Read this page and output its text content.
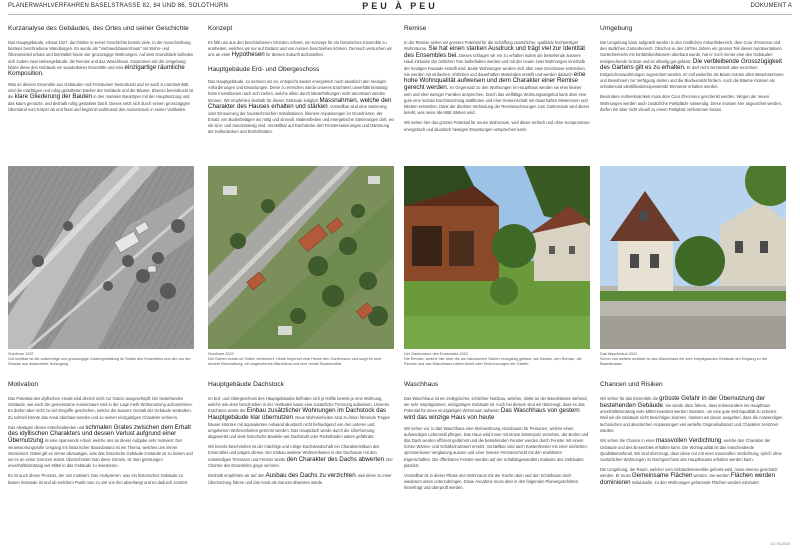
PLANERWAHLVERFAHREN BASELSTRASSE 82, 84 UND 86, SOLOTHURN	PEU À PEU	DOKUMENT A
Kurzanalyse des Gebäudes, des Ortes und seiner Geschichte

Das Hauptgebäude, erbaut 1627, durchlebte in seiner Geschichte bereits viele, in der Ausschreibung bestens beschriebene Wandlungen. Es wurde als "Vielzweckbauernhaus" mit Wohn- und Ökonomieteil erbaut und beinhaltet heute vier grosszügige Wohnungen. Auf dem Grundstück befinden sich zudem zwei Nebengebäude: die Remise und das Waschhaus. Zusammen mit der Umgebung bilden diese drei Gebäude ein wunderbares Ensemble und eine einzigartige räumliche Komposition.

Was an diesem Ensemble aus Gebäuden und Freiräumen beeindruckt und es auch zu-sammenhält, sind die mächtigen und ruhig gestalteten Dächer der Gebäude und die Bäume. Ebenso beeindruckt ist die klare Gliederung der Bauten in den murialen Baukörper mit der Hauptnutzung und das kaum genutzte, und deshalb ruhig gestaltete Dach. Dieses setzt sich durch seinen grosszügigen Überstand vom Körper ab und fasst und begrenzt wohltuend den Aussenraum in seiner Vertikalen.

Konzept

Es fällt uns aus den beschriebenen Gründen schwer, ein Konzept für ein historisches Ensemble zu erarbeiten, welches wir nur auf Distanz und von Aussen beschrieben können. Dennoch versuchen wir uns an einer Hypothesen für dessen Zukunft aufzustellen.

Hauptgebäude Erd- und Obergeschoss

Das Hauptgebäude, so nehmen wir an, entspricht wieder energetisch noch akustisch den heutigen Anforderungen und Erwartungen. Diese zu erreichen würde unseres Erachtens unverhältnismässig hohe Investitionen nach sich ziehen, welche allein durch Mieterhöhungen nicht amortisiert werden können. Wir empfehlen deshalb für dieses Gebäude lediglich Massnahmen, welche den Charakter des Hauses erhalten und stärken. Vorstellbar sind eine Sanierung oder Erneuerung der haustechnischen Installationen, kleinere Anpassungen im Grundrissen, der Ersatz von Bodenbelägen wo nötig und sinnvoll, Malerarbeiten und energetische Sanierungen dort, wo sie sinn- und zweckmässig sind. Vorstellbar auf Dachdecke dert Fenstersanierungen und Dämmung der Kellerdecken und Estrichböden.

Remise

In der Remise sehen wir grosses Potential für die Schaffung zusätzlicher, qualitativ hochwertiger Wohnräume. Sie hat einen starken Ausdruck und trägt viel zur Identität des Ensembles bei. Dieses schlagen wir vor zu erhalten indem die bestehende äussere Hauli inklusive der östlichen Tore beibehalten werden und mit der neuen zwei Wohnungen innerhalb der heutigen Fassade erstellt wird. Beide Wohnungen werden sich über zwei Geschosse erstrecken. Sie werden mit einfachen, ehrlichen und dauerhaften Materialien erstellt und werden dadurch eine hohe Wohnqualität aufweisen und dem Charakter einer Remise gerecht werden. Im Gegensatz zu den Wohnungen im Haupthaus werden sie eher kleiner sein und eher weniger Familien ansprechen. Durch das vielfältige Wohnungsangebot kann aber eine gute eine soziale Durchmischung stattfinden und eine Gemeinschaft mit dauerhaften Mieterinnen und Mietern entstehen. Dank der direkten Verbindung der Remisewohnungen zum Gartenraum wird dieser belebt, was seine Identität stärken wird.

Wir sehen hier das grösste Potential für neuen Wohnraum, weil dieser einfach und ohne Kompromisse energetisch und akustisch heutigen Erwartungen entsprechen kann.

Umgebung

Die Umgebung kann aufgeteilt werden in den nördlichen Ankunftsbereich, dem Cour d'Honneur und den südlichen Gartenbereich. Obschon in den 1970er Jahren ein grosser Teil dieses repräsentativen Gartenbereichs mit Einfamilienhäusern überbaut wurde, hat er noch immer eine den Gebäuden entsprechende Grösse und ist allseitig gut gefasst. Die verbleibende Grosszügigkeit des Gartens gilt es zu erhalten. Er darf nicht zerstückelt oder einzelnen Erdgeschosswohnungen zugeordnet werden. Er soll weiterhin als Baum-Garten allen Bewohnerinnen und Bewohnern zur Verfügung stehen und die Biodiversität fördern. Auch die Bäume müssen als schattenund identifikationsspendende Elemente erhalten werden.

Besondere Aufmerksamkeit muss dem Cour d'Honneur geschenkt werden. Wegen der neuen Wohnungen werden auch zusätzliche Parkplätze notwendig. Diese müssen hier angeordnet werden, dürfen ihn aber nicht visuell zu einem Parkplatz verkommen lassen.

Solothurn 1937
Gut sichtbar ist die aufwendige und grosszügige Gartengestaltung im Süden des Ensembles und der von der Strasse aus distanzierte Hofzugang.
Solothurn 2022
Der Garten wurde im Süden verkleinert. Heute begrenzt eine Hecke den Gartenraum und sorgt für eine sichere Beschattung; ein angenehmes Mikroklima und eine rechte Biodiversität.
Der Gartenraum des Ensembles 2022
Die Remise, welche hier über die als historischen Garten einzigartig gefasst, wie Bauten, den Remise, die Remise und das Waschhaus hatten Anteil oder Einkreuzungen der Gärten.
Das Waschhaus 2024
Schon von weitem sichtbar ist das Waschhaus ein sehr einprägsames Gebäude am Eingang zu der Baselstrasse.
Motivation

Das Potential des idyllischen Areals wird derzeit nicht zur Ganze ausgeschöpft. Die bestehenden Gebäude, wie auch der gemeinsame Aussenraum sind in der Lage mehr Wohnnutzung aufzunehmen. Es dürfen aber nicht zu viel Eingriffe geschehen, welche die äussere Gestalt der Gebäude verändern. Zu schnell könnte das Areal überbaut werden und so seinen einzigartigen Charakter verlieren.

Das Abwägen dieses entscheidenden und schmalen Grates zwischen dem Erhalt des idyllischen Charakters und dessen Verlust aufgrund einer Übernutzung ist eine spannende Arbeit, welche uns an dieser Aufgabe sehr motiviert. Der verantwortungsvolle Umgang mit historischer Bausubstanz ist ein Thema, welches uns immer interessiert. Dabei gilt es immer abzuwägen, was das historische Gebäude imstande ist zu leisten und wo es an seine Grenzen stösst. Überschreitet man diese Grenze, ist man gezwungen unverhältnismässig viel Mittel in das Gebäude zu investieren.

Es ist auch dieser Prozess, der uns motiviert. Das Analysieren, was ein historisches Gebäude zu leisten imstande ist und ab welchem Punkt man zu viel von ihm abverlangt und es dadurch zerstört.

Hauptgebäude Dachstock

Im Erd- und Obergeschoss des Hauptgebäudes befinden sich je Hälfte bereits je eine Wohnung, welche wie oben beschrieben in der Vertikalen kaum eine zusätzliche Trennung aufweisen. Unseres Erachtens würde der Einbau zusätzlicher Wohnungen im Dachstock das Hauptgebäude klar übernutzen. Neue Wohneinheiten sind zu ihnen führende Treppe häuser könnten mit äquivalenten Aufwand akustisch nicht befriedigend von den unteren und umgebenen Wohneinheiten getrennt werden. Das Hauptdach würde durch die Überformung abgewertet und viele historische Bauteile wie Dachstuhl oder Parketböden wären gefährdet.

Wir bereits beschrieben ist der mächtige und ruhige Dachstandschaft ein Charakteristikum des Ensembles und prägen dieses. Der Einbau weiterer Wohneinheiten in den Dachraum mit den notwendigen Terrassen und Fenster würde den Charakter des Dachs abwerten. Der Charme des Ensembles ginge verloren.

Deshalb empfehlen wir auf den Ausbau des Dachs zu verzichten, weil diese zu einer Übernutzung führen und das Areal als Ganzes abwerten würde.

Waschhaus

Das Waschhaus ist ein zeittypischer, schlichter Nutzbau, welcher, direkt an der Baselstrasse stehend, ein sehr einprägsames, einzigartiges Gebäude ist. Auch bei diesem sind wir überzeugt, dass es das Potential für einen einzigartigen Wohnraum aufweist. Das Waschhaus von gestern wird das winzige Haus von heute

Wir sehen vor, in das Waschhaus eine Kleinwohnung einzubauen für Personen, welche einen aufwendigen Lebensstil pflegen. Das Haus wird innen mit einem Dämmputz versehen, der Boden und das Dach werden effizient gedämmt und die bestehenden Fenster werden durch Fenster mit einem hohen Wärme- und Schallschutzwert ersetzt. Vorstellbar sind auch Kastenfenster mit einer einfachen, sprossenlosen Verglasung aussen und einer inneren Fensterschicht mit den erwähnten Eigenschaften. Die öffenbaren Fenster werden auf der schallabgewandten Südseite des Gebäudes platziert.

Vorstellbar ist in dieser Phase den Wohnraum mit der Küche oben und den Schlafraum doch wiederum unten unterzubringen. Diese Annahme muss aber in den folgenden Planungsschritten hinterfragt und überprüft werden.

Chancen und Risiken

Wir sehen für das Ensemble die grösste Gefahr in der Übernutzung der bestehenden Gebäude. Sie würde dazu führen, dass insbesondere ins Haupthaus unverhältnismässig viele Mittel investiert werden müssten, um eine gute Wohnqualität zu erzielen. Weil wir die Gebäude nicht besichtigen konnten, müssen wir davon ausgehen, dass die notwendigen technischen und akustischen Anpassungen viel vertiefte Originalsubstanz und Charakter zerstören würden.

Wir sehen die Chance in einer massvollen Verdichtung, welche den Charakter der Gebäude und des Ensembles erhalten kann. Die Wohnqualität ist das entscheidende Qualitätsmerkmal. Wir sind überzeugt, dass diese nur mit einer massvollen Verdichtung, sprich ohne zusätzlichen Wohnungen im Dachgeschoss des Haupthauses erhalten werden kann.

Die Umgebung, der Raum, welcher vom Gebäudeensemble geformt wird, muss ebenso geschützt werden. Er muss Gemeinsame Flächen werden. Sie werden Flächen werden dominieren Individuelle, zu den Wohnungen gehörende Flächen werden minimiert.

01 / 00-2024
